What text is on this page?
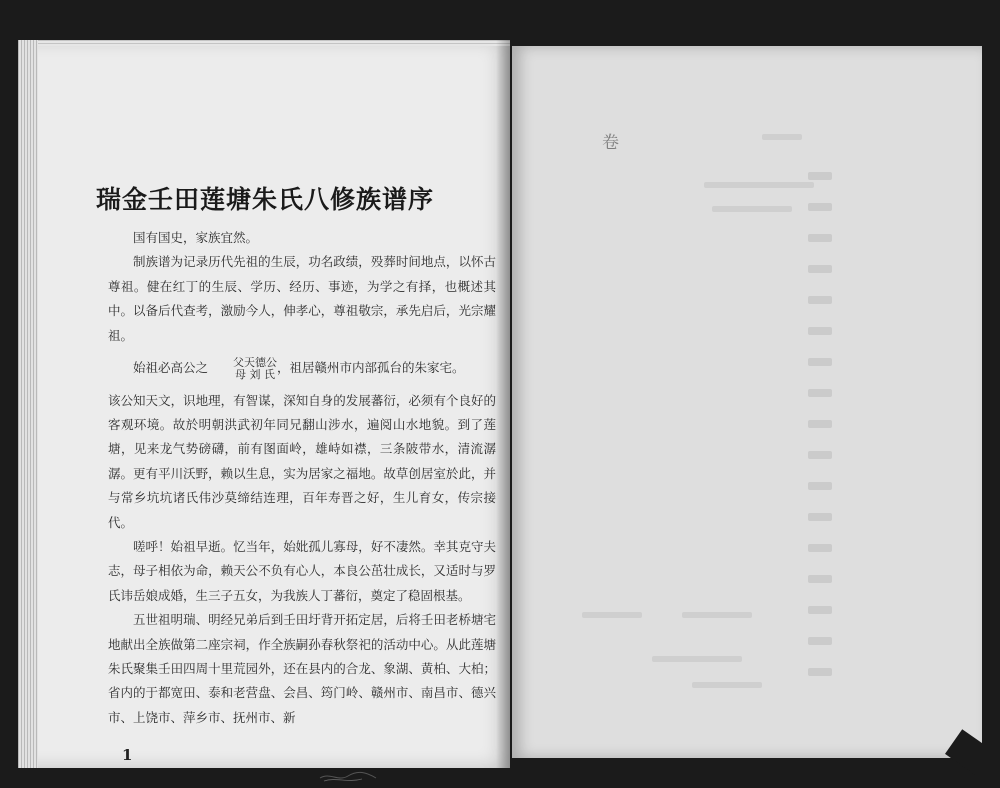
瑞金壬田莲塘朱氏八修族谱序

国有国史，家族宜然。

制族谱为记录历代先祖的生辰，功名政绩，殁葬时间地点，以怀古尊祖。健在红丁的生辰、学历、经历、事迹，为学之有择，也概述其中。以备后代查考，激励今人，伸孝心，尊祖敬宗，承先启后，光宗耀祖。

始祖必高公之	父天德公
母 刘 氏 ，祖居赣州市内部孤台的朱家宅。

该公知天文，识地理，有智谋，深知自身的发展蕃衍，必须有个良好的客观环境。故於明朝洪武初年同兄翻山涉水，遍阅山水地貌。到了莲塘，见来龙气势磅礴，前有图面岭，雄峙如襟，三条陂带水，清流潺潺。更有平川沃野，赖以生息，实为居家之福地。故草创居室於此，并与常乡坑坑诸氏伟沙莫缔结连理，百年寿晋之好，生儿育女，传宗接代。

嗟呼！始祖早逝。忆当年，始妣孤儿寡母，好不凄然。幸其克守夫志，母子相依为命，赖天公不负有心人，本良公茁壮成长，又适时与罗氏讳岳娘成婚，生三子五女，为我族人丁蕃衍，奠定了稳固根基。

五世祖明瑞、明经兄弟后到壬田圩背开拓定居，后将壬田老桥塘宅地献出全族做第二座宗祠，作全族嗣孙春秋祭祀的活动中心。从此莲塘朱氏聚集壬田四周十里荒园外，还在县内的合龙、象湖、黄柏、大柏；省内的于都宽田、泰和老营盘、会昌、筠门岭、赣州市、南昌市、德兴市、上饶市、萍乡市、抚州市、新

1
卷
